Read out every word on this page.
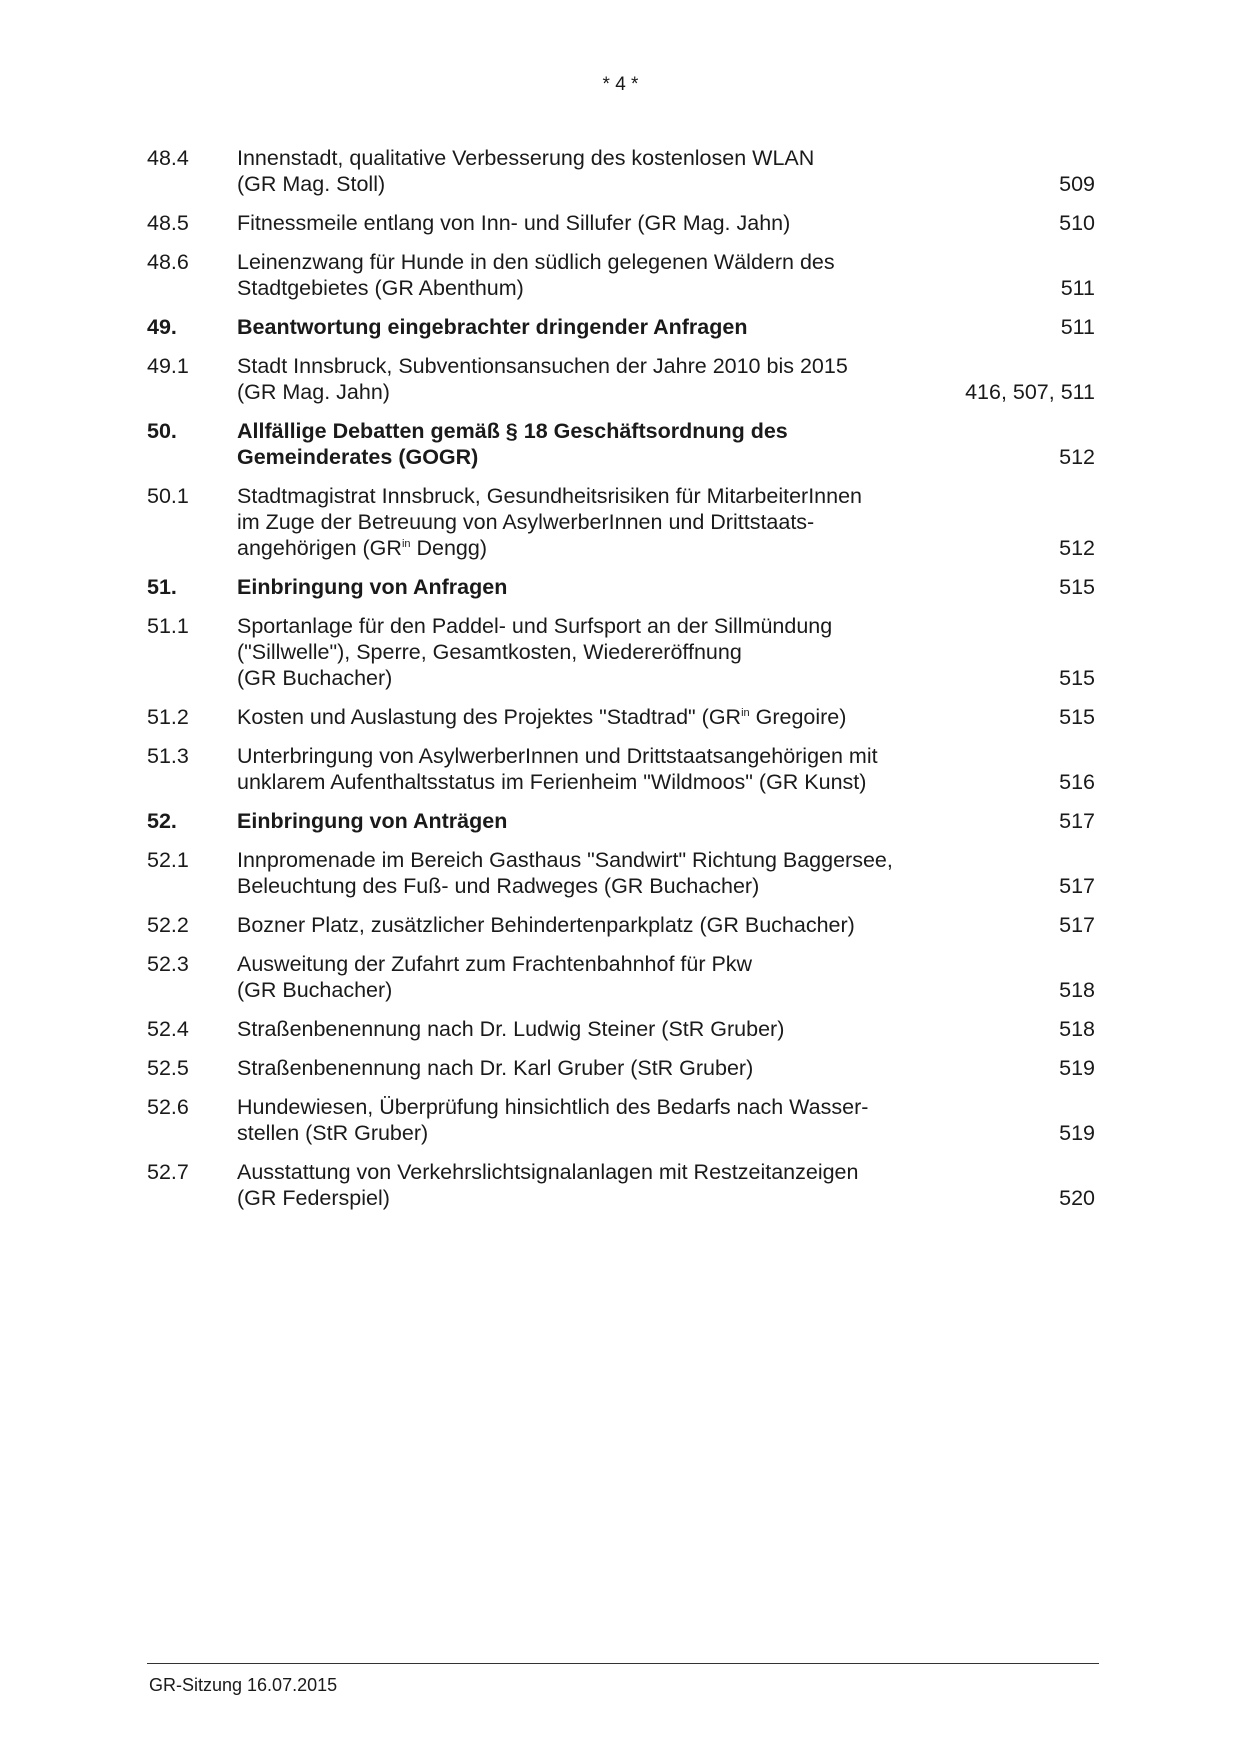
* 4 *
48.4	Innenstadt, qualitative Verbesserung des kostenlosen WLAN
(GR Mag. Stoll)	509
48.5	Fitnessmeile entlang von Inn- und Sillufer (GR Mag. Jahn)	510
48.6	Leinenzwang für Hunde in den südlich gelegenen Wäldern des
Stadtgebietes (GR Abenthum)	511
49.	Beantwortung eingebrachter dringender Anfragen	511
49.1	Stadt Innsbruck, Subventionsansuchen der Jahre 2010 bis 2015
(GR Mag. Jahn)	416, 507, 511
50.	Allfällige Debatten gemäß § 18 Geschäftsordnung des
Gemeinderates (GOGR)	512
50.1	Stadtmagistrat Innsbruck, Gesundheitsrisiken für MitarbeiterInnen
im Zuge der Betreuung von AsylwerberInnen und Drittstaats-
angehörigen ($GR^{in}$ Dengg)	512
51.	Einbringung von Anfragen	515
51.1	Sportanlage für den Paddel- und Surfsport an der Sillmündung
("Sillwelle"), Sperre, Gesamtkosten, Wiedereröffnung
(GR Buchacher)	515
51.2	Kosten und Auslastung des Projektes "Stadtrad" ($GR^{in}$ Gregoire)	515
51.3	Unterbringung von AsylwerberInnen und Drittstaatsangehörigen mit
unklarem Aufenthaltsstatus im Ferienheim "Wildmoos" (GR Kunst)	516
52.	Einbringung von Anträgen	517
52.1	Innpromenade im Bereich Gasthaus "Sandwirt" Richtung Baggersee,
Beleuchtung des Fuß- und Radweges (GR Buchacher)	517
52.2	Bozner Platz, zusätzlicher Behindertenparkplatz (GR Buchacher)	517
52.3	Ausweitung der Zufahrt zum Frachtenbahnhof für Pkw
(GR Buchacher)	518
52.4	Straßenbenennung nach Dr. Ludwig Steiner (StR Gruber)	518
52.5	Straßenbenennung nach Dr. Karl Gruber (StR Gruber)	519
52.6	Hundewiesen, Überprüfung hinsichtlich des Bedarfs nach Wasser-
stellen (StR Gruber)	519
52.7	Ausstattung von Verkehrslichtsignalanlagen mit Restzeitanzeigen
(GR Federspiel)	520
GR-Sitzung 16.07.2015
